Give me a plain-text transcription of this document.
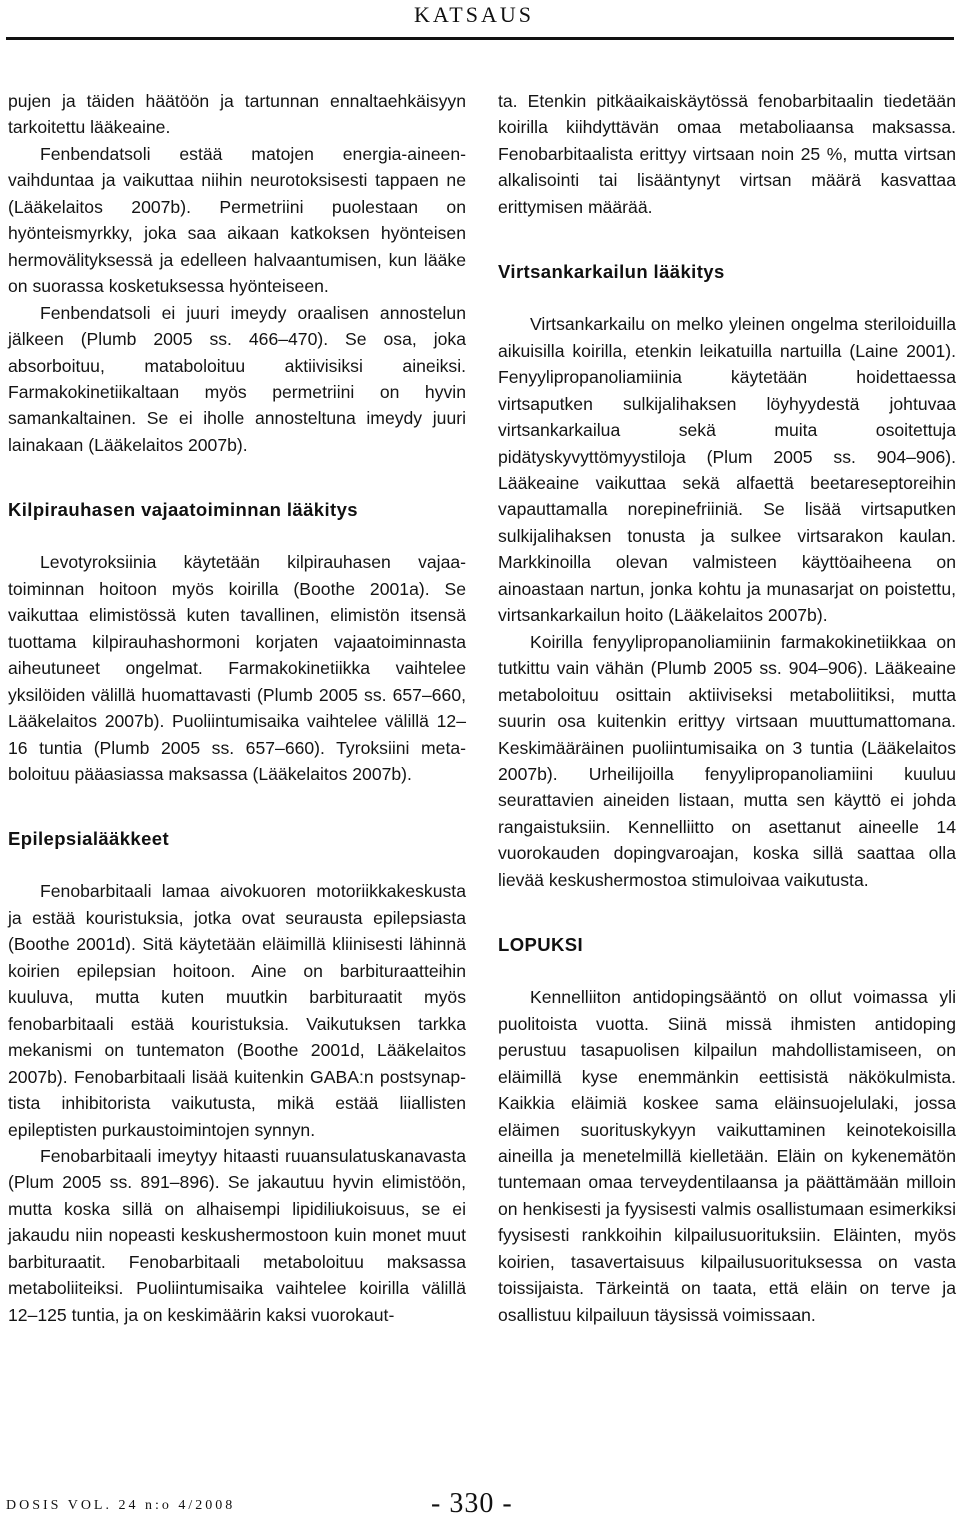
KATSAUS

pujen ja täiden häätöön ja tartunnan ennaltaehkäisyyn tarkoitettu lääkeaine.

Fenbendatsoli estää matojen energia-aineenvaihduntaa ja vaikuttaa niihin neurotoksisesti tappaen ne (Lääkelaitos 2007b). Permetriini puolestaan on hyönteismyrkky, joka saa aikaan katkoksen hyönteisen hermovälityksessä ja edelleen halvaantumisen, kun lääke on suorassa kosketuksessa hyönteiseen.

Fenbendatsoli ei juuri imeydy oraalisen annostelun jälkeen (Plumb 2005 ss. 466–470). Se osa, joka absorboituu, mataboloituu aktiivisiksi aineiksi. Farmakokinetiikaltaan myös permetriini on hyvin samankaltainen. Se ei iholle annosteltuna imeydy juuri lainakaan (Lääkelaitos 2007b).

Kilpirauhasen vajaatoiminnan lääkitys

Levotyroksiinia käytetään kilpirauhasen vajaatoiminnan hoitoon myös koirilla (Boothe 2001a). Se vaikuttaa elimistössä kuten tavallinen, elimistön itsensä tuottama kilpirauhashormoni korjaten vajaatoiminnasta aiheutuneet ongelmat. Farmakokinetiikka vaihtelee yksilöiden välillä huomattavasti (Plumb 2005 ss. 657–660, Lääkelaitos 2007b). Puoliintumisaika vaihtelee välillä 12–16 tuntia (Plumb 2005 ss. 657–660). Tyroksiini metaboloituu pääasiassa maksassa (Lääkelaitos 2007b).

Epilepsialääkkeet

Fenobarbitaali lamaa aivokuoren motoriikkakeskusta ja estää kouristuksia, jotka ovat seurausta epilepsiasta (Boothe 2001d). Sitä käytetään eläimillä kliinisesti lähinnä koirien epilepsian hoitoon. Aine on barbituraatteihin kuuluva, mutta kuten muutkin barbituraatit myös fenobarbitaali estää kouristuksia. Vaikutuksen tarkka mekanismi on tuntematon (Boothe 2001d, Lääkelaitos 2007b). Fenobarbitaali lisää kuitenkin GABA:n postsynaptista inhibitorista vaikutusta, mikä estää liiallisten epileptisten purkaustoimintojen synnyn.

Fenobarbitaali imeytyy hitaasti ruuansulatuskanavasta (Plum 2005 ss. 891–896). Se jakautuu hyvin elimistöön, mutta koska sillä on alhaisempi lipidiliukoisuus, se ei jakaudu niin nopeasti keskushermostoon kuin monet muut barbituraatit. Fenobarbitaali metaboloituu maksassa metaboliiteiksi. Puoliintumisaika vaihtelee koirilla välillä 12–125 tuntia, ja on keskimäärin kaksi vuorokaut-

ta. Etenkin pitkäaikaiskäytössä fenobarbitaalin tiedetään koirilla kiihdyttävän omaa metaboliaansa maksassa. Fenobarbitaalista erittyy virtsaan noin 25 %, mutta virtsan alkalisointi tai lisääntynyt virtsan määrä kasvattaa erittymisen määrää.

Virtsankarkailun lääkitys

Virtsankarkailu on melko yleinen ongelma steriloiduilla aikuisilla koirilla, etenkin leikatuilla nartuilla (Laine 2001). Fenyylipropanoliamiinia käytetään hoidettaessa virtsaputken sulkijalihaksen löyhyydestä johtuvaa virtsankarkailua sekä muita osoitettuja pidätyskyvyttömyystiloja (Plum 2005 ss. 904–906). Lääkeaine vaikuttaa sekä alfaettä beetareseptoreihin vapauttamalla norepinefriiniä. Se lisää virtsaputken sulkijalihaksen tonusta ja sulkee virtsarakon kaulan. Markkinoilla olevan valmisteen käyttöaiheena on ainoastaan nartun, jonka kohtu ja munasarjat on poistettu, virtsankarkailun hoito (Lääkelaitos 2007b).

Koirilla fenyylipropanoliamiinin farmakokinetiikkaa on tutkittu vain vähän (Plumb 2005 ss. 904–906). Lääkeaine metaboloituu osittain aktiiviseksi metaboliitiksi, mutta suurin osa kuitenkin erittyy virtsaan muuttumattomana. Keskimääräinen puoliintumisaika on 3 tuntia (Lääkelaitos 2007b). Urheilijoilla fenyylipropanoliamiini kuuluu seurattavien aineiden listaan, mutta sen käyttö ei johda rangaistuksiin. Kennelliitto on asettanut aineelle 14 vuorokauden dopingvaroajan, koska sillä saattaa olla lievää keskushermostoa stimuloivaa vaikutusta.

LOPUKSI

Kennelliiton antidopingsääntö on ollut voimassa yli puolitoista vuotta. Siinä missä ihmisten antidoping perustuu tasapuolisen kilpailun mahdollistamiseen, on eläimillä kyse enemmänkin eettisistä näkökulmista. Kaikkia eläimiä koskee sama eläinsuojelulaki, jossa eläimen suorituskykyyn vaikuttaminen keinotekoisilla aineilla ja menetelmillä kielletään. Eläin on kykenemätön tuntemaan omaa terveydentilaansa ja päättämään milloin on henkisesti ja fyysisesti valmis osallistumaan esimerkiksi fyysisesti rankkoihin kilpailusuorituksiin. Eläinten, myös koirien, tasavertaisuus kilpailusuorituksessa on vasta toissijaista. Tärkeintä on taata, että eläin on terve ja osallistuu kilpailuun täysissä voimissaan.

DOSIS VOL. 24 n:o 4/2008	- 330 -
